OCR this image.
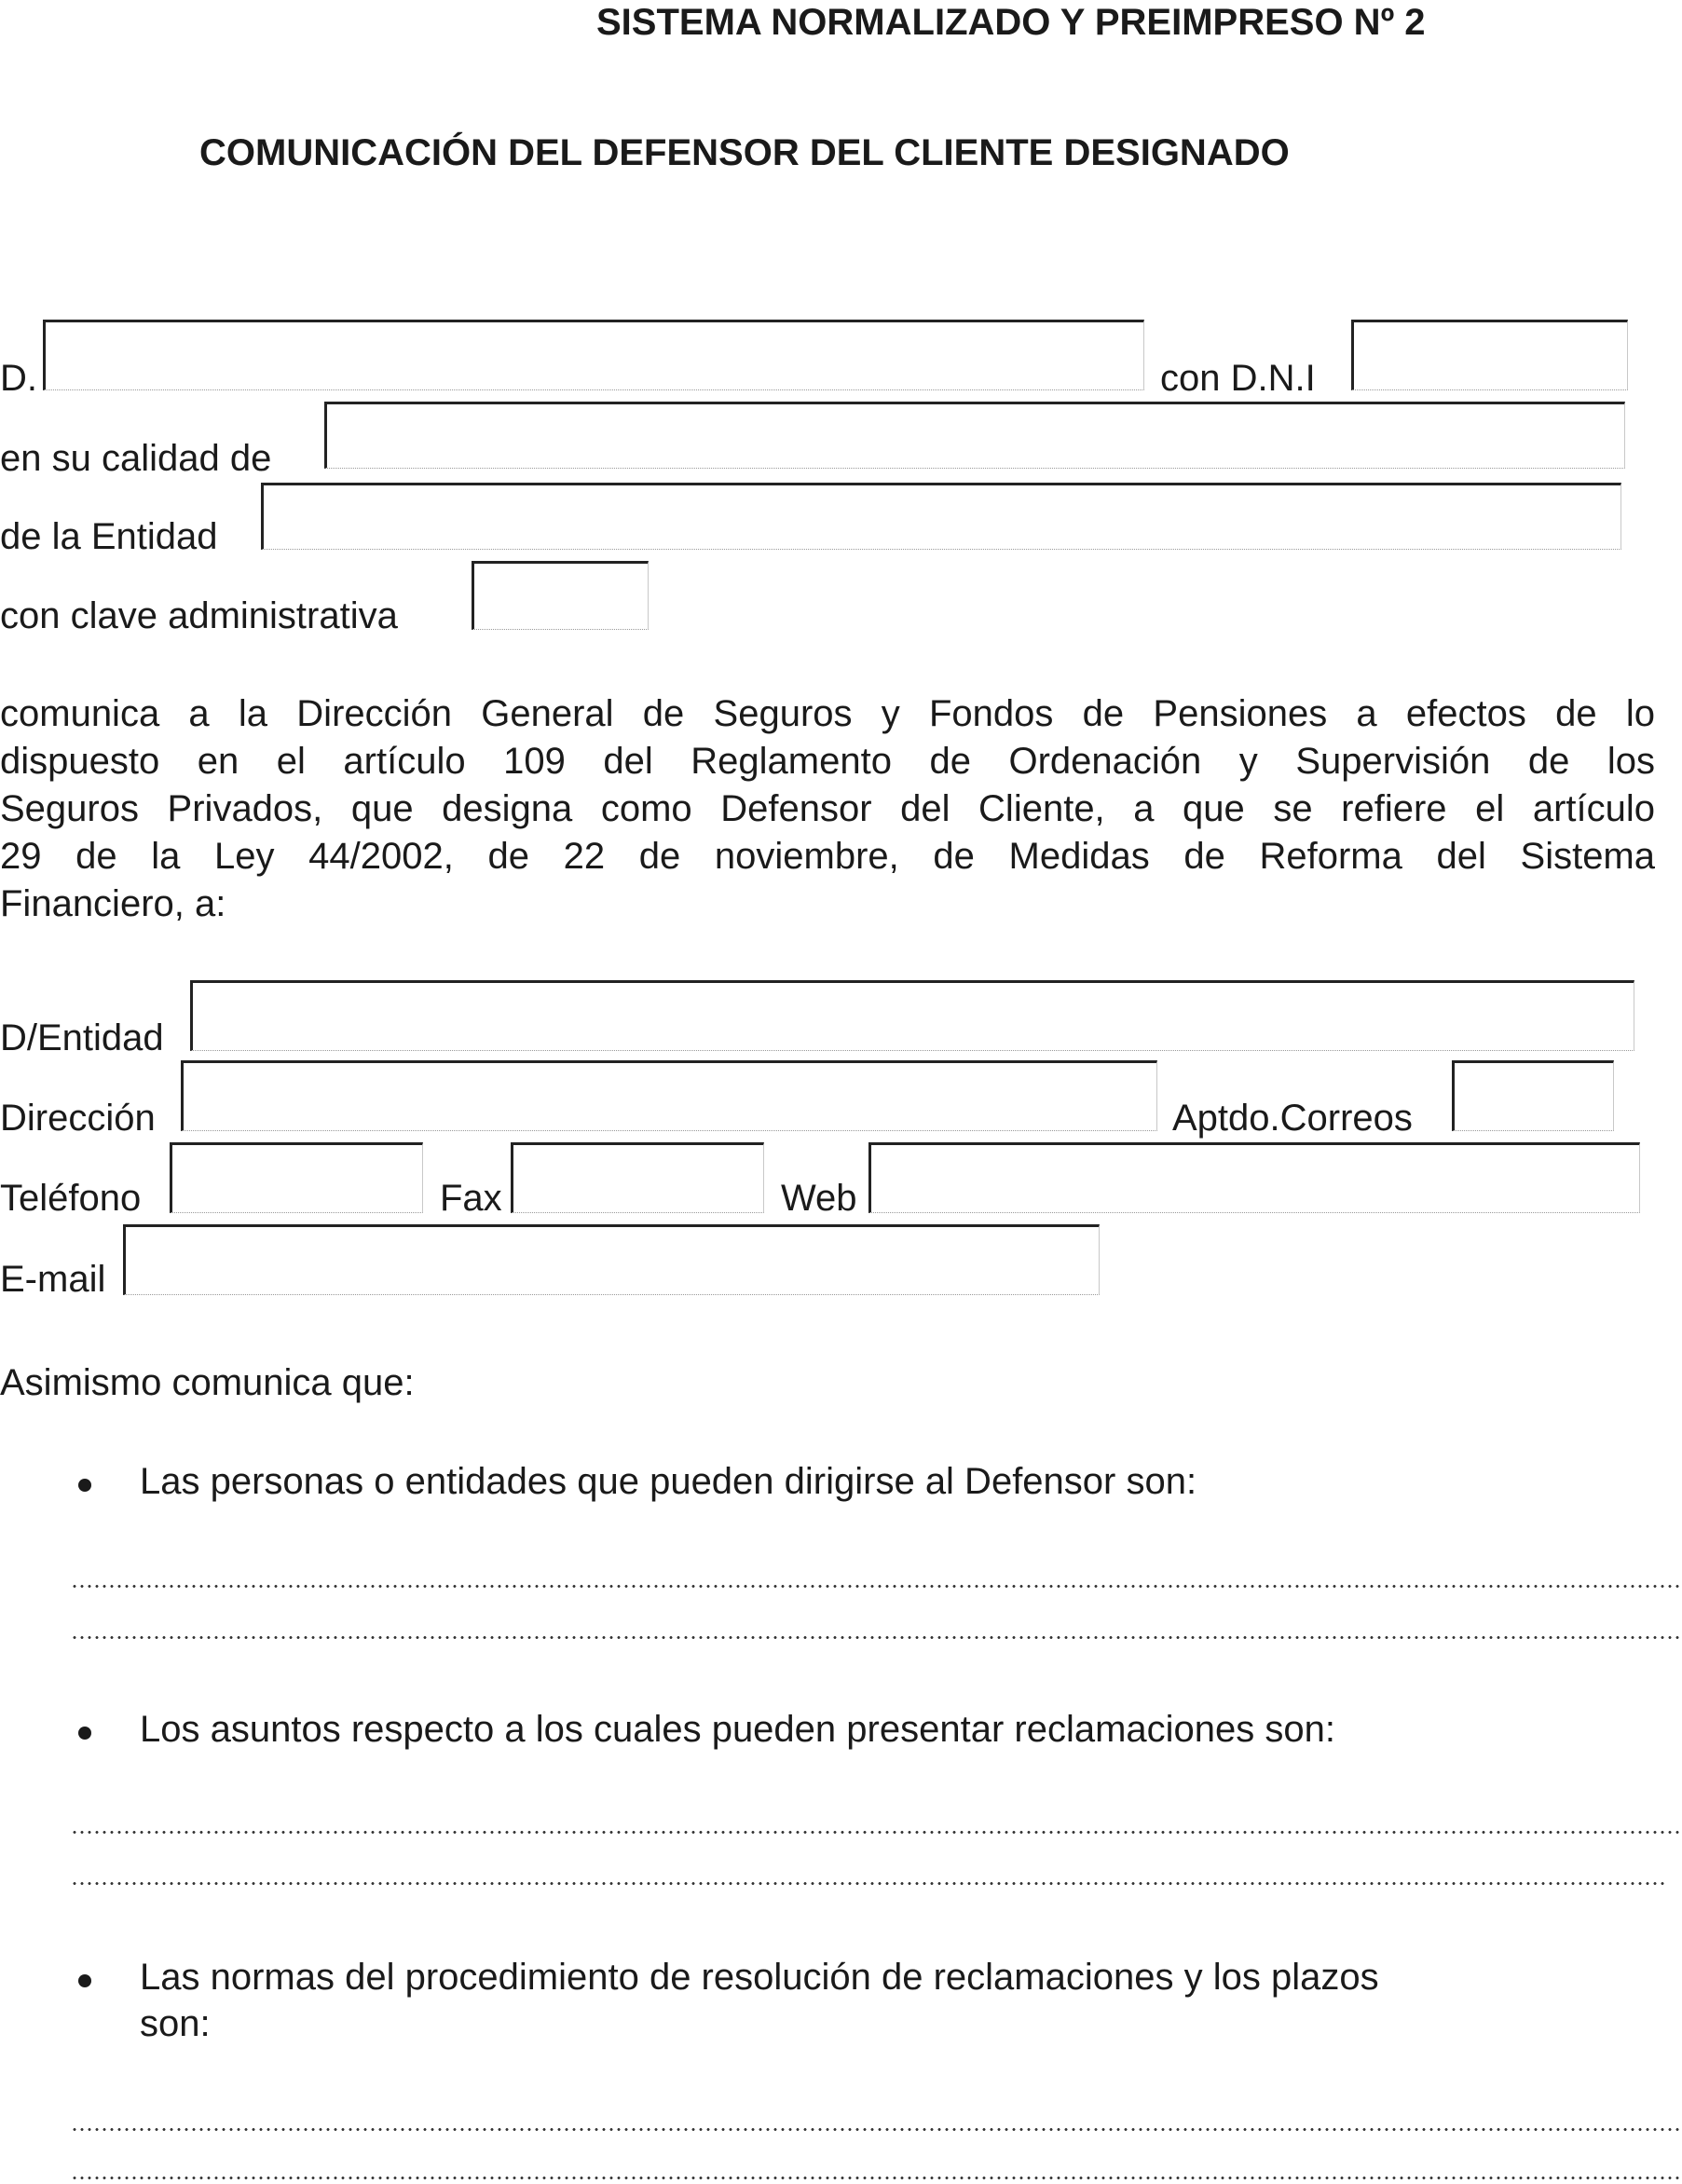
SISTEMA NORMALIZADO Y PREIMPRESO Nº 2
COMUNICACIÓN DEL DEFENSOR DEL CLIENTE DESIGNADO
D.	con D.N.I
en su calidad de
de la Entidad
con clave administrativa
comunica a la Dirección General de Seguros y Fondos de Pensiones a efectos de lo
dispuesto en el artículo 109 del Reglamento de Ordenación y Supervisión de los
Seguros Privados, que designa como Defensor del Cliente, a que se refiere el artículo
29 de la Ley 44/2002, de 22 de noviembre, de Medidas de Reforma del Sistema
Financiero, a:
D/Entidad
Dirección	Aptdo.Correos
Teléfono	Fax	Web
E-mail
Asimismo comunica que:
Las personas o entidades que pueden dirigirse al Defensor son:
Los asuntos respecto a los cuales pueden presentar reclamaciones son:
Las normas del procedimiento de resolución de reclamaciones y los plazos
son:
